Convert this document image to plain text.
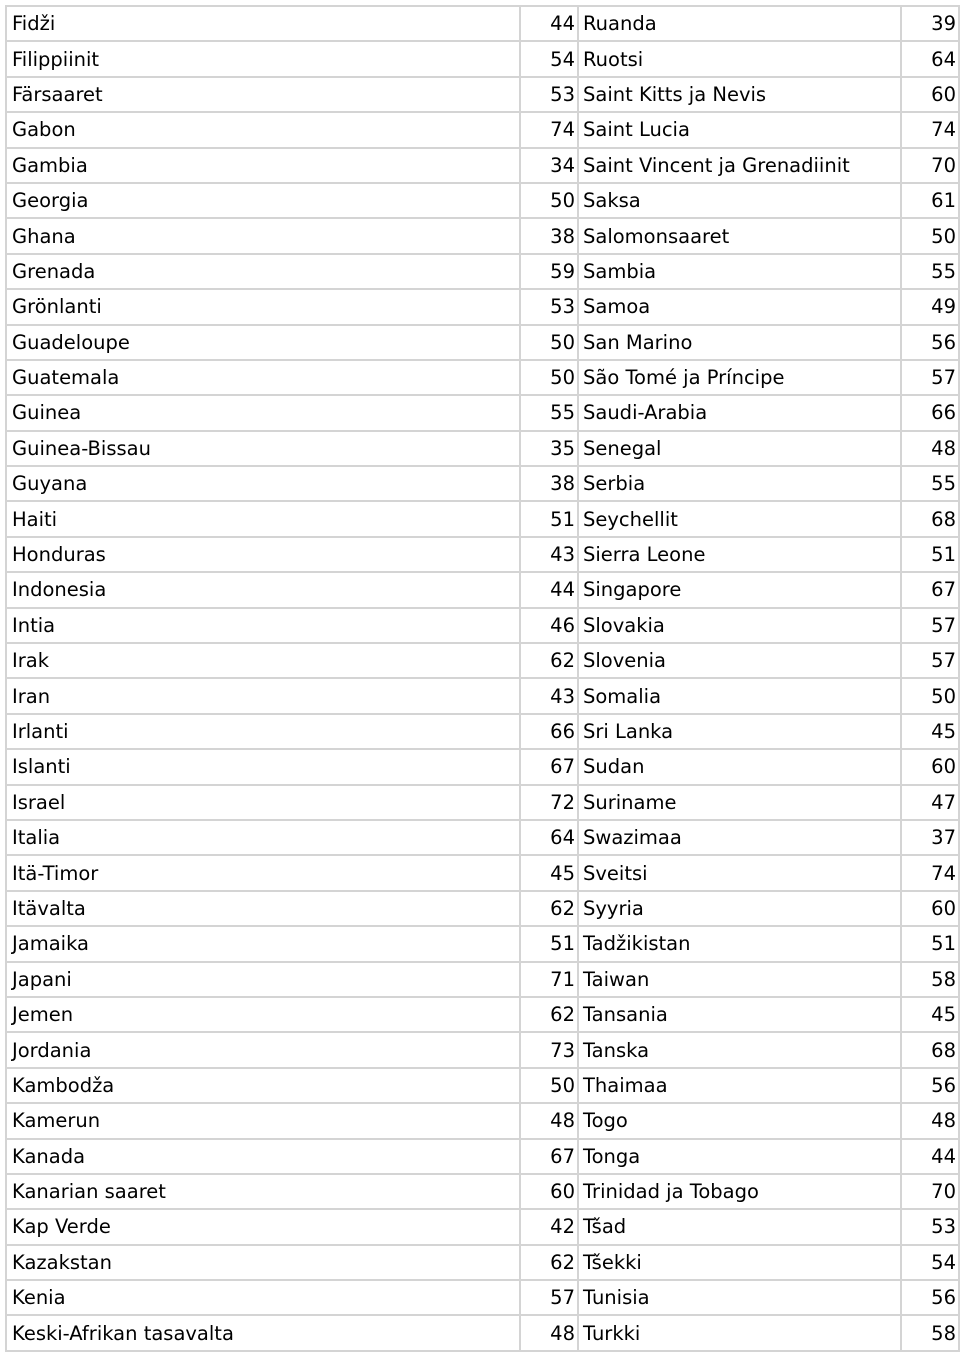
Fidži	44	Ruanda	39
Filippiinit	54	Ruotsi	64
Färsaaret	53	Saint Kitts ja Nevis	60
Gabon	74	Saint Lucia	74
Gambia	34	Saint Vincent ja Grenadiinit	70
Georgia	50	Saksa	61
Ghana	38	Salomonsaaret	50
Grenada	59	Sambia	55
Grönlanti	53	Samoa	49
Guadeloupe	50	San Marino	56
Guatemala	50	São Tomé ja Príncipe	57
Guinea	55	Saudi-Arabia	66
Guinea-Bissau	35	Senegal	48
Guyana	38	Serbia	55
Haiti	51	Seychellit	68
Honduras	43	Sierra Leone	51
Indonesia	44	Singapore	67
Intia	46	Slovakia	57
Irak	62	Slovenia	57
Iran	43	Somalia	50
Irlanti	66	Sri Lanka	45
Islanti	67	Sudan	60
Israel	72	Suriname	47
Italia	64	Swazimaa	37
Itä-Timor	45	Sveitsi	74
Itävalta	62	Syyria	60
Jamaika	51	Tadžikistan	51
Japani	71	Taiwan	58
Jemen	62	Tansania	45
Jordania	73	Tanska	68
Kambodža	50	Thaimaa	56
Kamerun	48	Togo	48
Kanada	67	Tonga	44
Kanarian saaret	60	Trinidad ja Tobago	70
Kap Verde	42	Tšad	53
Kazakstan	62	Tšekki	54
Kenia	57	Tunisia	56
Keski-Afrikan tasavalta	48	Turkki	58
